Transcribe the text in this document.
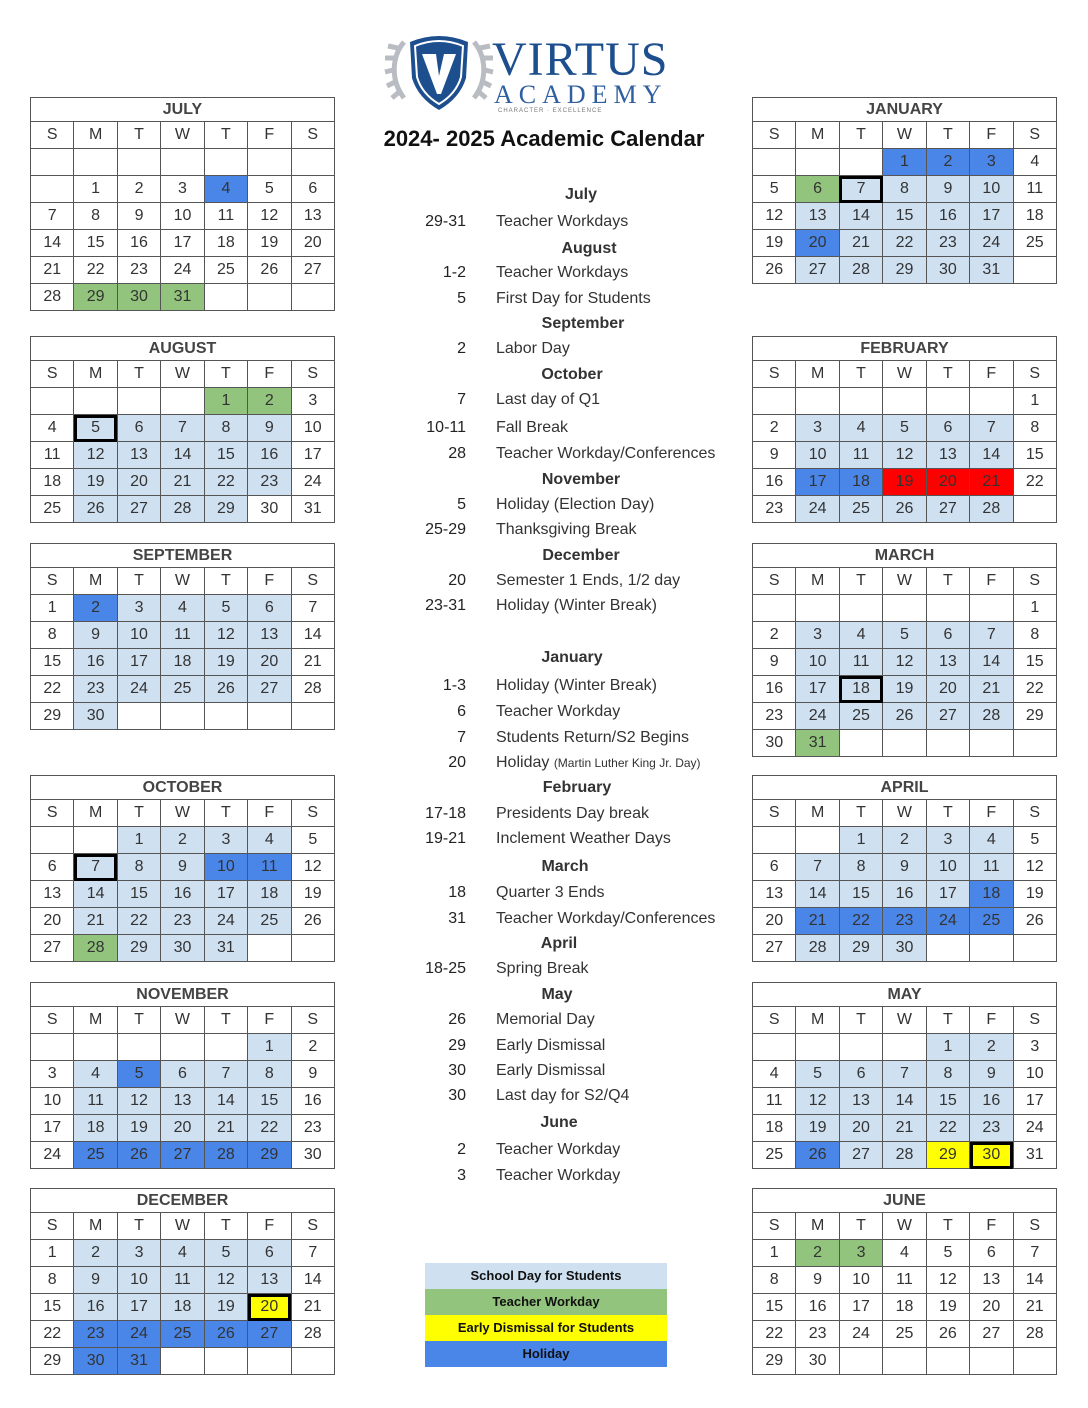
VIRTUS
ACADEMY
CHARACTER · EXCELLENCE
2024- 2025 Academic Calendar
JULY						
S	M	T	W	T	F	S

	1	2	3	4	5	6
7	8	9	10	11	12	13
14	15	16	17	18	19	20
21	22	23	24	25	26	27
28	29	30	31			
AUGUST						
S	M	T	W	T	F	S
				1	2	3
4	5	6	7	8	9	10
11	12	13	14	15	16	17
18	19	20	21	22	23	24
25	26	27	28	29	30	31
SEPTEMBER						
S	M	T	W	T	F	S
1	2	3	4	5	6	7
8	9	10	11	12	13	14
15	16	17	18	19	20	21
22	23	24	25	26	27	28
29	30					
OCTOBER						
S	M	T	W	T	F	S
		1	2	3	4	5
6	7	8	9	10	11	12
13	14	15	16	17	18	19
20	21	22	23	24	25	26
27	28	29	30	31		
NOVEMBER						
S	M	T	W	T	F	S
					1	2
3	4	5	6	7	8	9
10	11	12	13	14	15	16
17	18	19	20	21	22	23
24	25	26	27	28	29	30
DECEMBER						
S	M	T	W	T	F	S
1	2	3	4	5	6	7
8	9	10	11	12	13	14
15	16	17	18	19	20	21
22	23	24	25	26	27	28
29	30	31				
JANUARY						
S	M	T	W	T	F	S
			1	2	3	4
5	6	7	8	9	10	11
12	13	14	15	16	17	18
19	20	21	22	23	24	25
26	27	28	29	30	31	
FEBRUARY						
S	M	T	W	T	F	S
						1
2	3	4	5	6	7	8
9	10	11	12	13	14	15
16	17	18	19	20	21	22
23	24	25	26	27	28	
MARCH						
S	M	T	W	T	F	S
						1
2	3	4	5	6	7	8
9	10	11	12	13	14	15
16	17	18	19	20	21	22
23	24	25	26	27	28	29
30	31					
APRIL						
S	M	T	W	T	F	S
		1	2	3	4	5
6	7	8	9	10	11	12
13	14	15	16	17	18	19
20	21	22	23	24	25	26
27	28	29	30			
MAY						
S	M	T	W	T	F	S
				1	2	3
4	5	6	7	8	9	10
11	12	13	14	15	16	17
18	19	20	21	22	23	24
25	26	27	28	29	30	31
JUNE						
S	M	T	W	T	F	S
1	2	3	4	5	6	7
8	9	10	11	12	13	14
15	16	17	18	19	20	21
22	23	24	25	26	27	28
29	30					
July
29-31 Teacher Workdays
August
1-2 Teacher Workdays
5 First Day for Students
September
2 Labor Day
October
7 Last day of Q1
10-11 Fall Break
28 Teacher Workday/Conferences
November
5 Holiday (Election Day)
25-29 Thanksgiving Break
December
20 Semester 1 Ends, 1/2 day
23-31 Holiday (Winter Break)
January
1-3 Holiday (Winter Break)
6 Teacher Workday
7 Students Return/S2 Begins
20 Holiday (Martin Luther King Jr. Day)
February
17-18 Presidents Day break
19-21 Inclement Weather Days
March
18 Quarter 3 Ends
31 Teacher Workday/Conferences
April
18-25 Spring Break
May
26 Memorial Day
29 Early Dismissal
30 Early Dismissal
30 Last day for S2/Q4
June
2 Teacher Workday
3 Teacher Workday
School Day for Students
Teacher Workday
Early Dismissal for Students
Holiday
